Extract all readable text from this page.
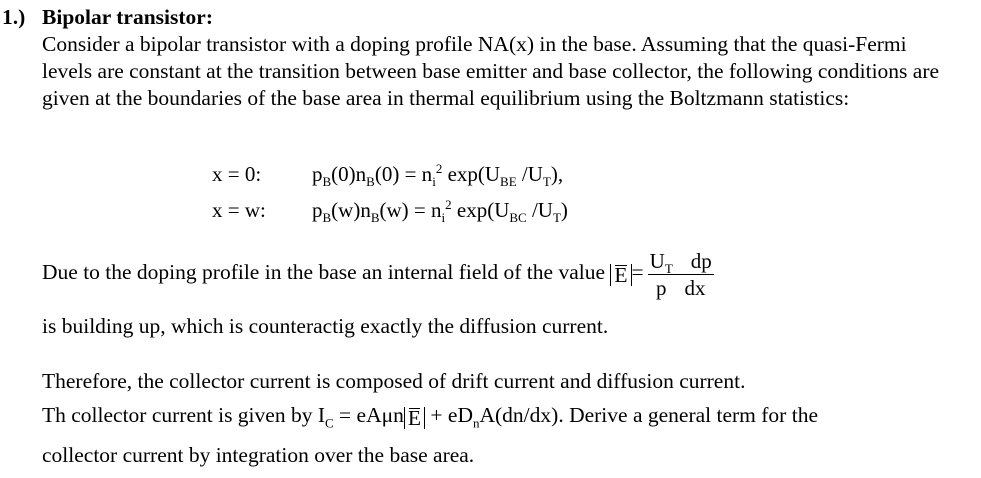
1.) Bipolar transistor:
Consider a bipolar transistor with a doping profile NA(x) in the base. Assuming that the quasi-Fermi levels are constant at the transition between base emitter and base collector, the following conditions are given at the boundaries of the base area in thermal equilibrium using the Boltzmann statistics:
x = 0: $p_B(0)n_B(0) = n_i^2$ $\exp(U_{BE}$ $/U_T$),
x = w: $p_B(w)n_B(w) = n_i^2$ $\exp(U_{BC}$ $/U_T$)
Due to the doping profile in the base an internal field of the value $E = \frac{U_T dp}{\text{p dx}}$
is building up, which is counteractig exactly the diffusion current.
Therefore, the collector current is composed of drift current and diffusion current.
Th collector current is given by $I_C = eA\mu n$ $E + eD_nA(dn/dx)$. Derive a general term for the
collector current by integration over the base area.
